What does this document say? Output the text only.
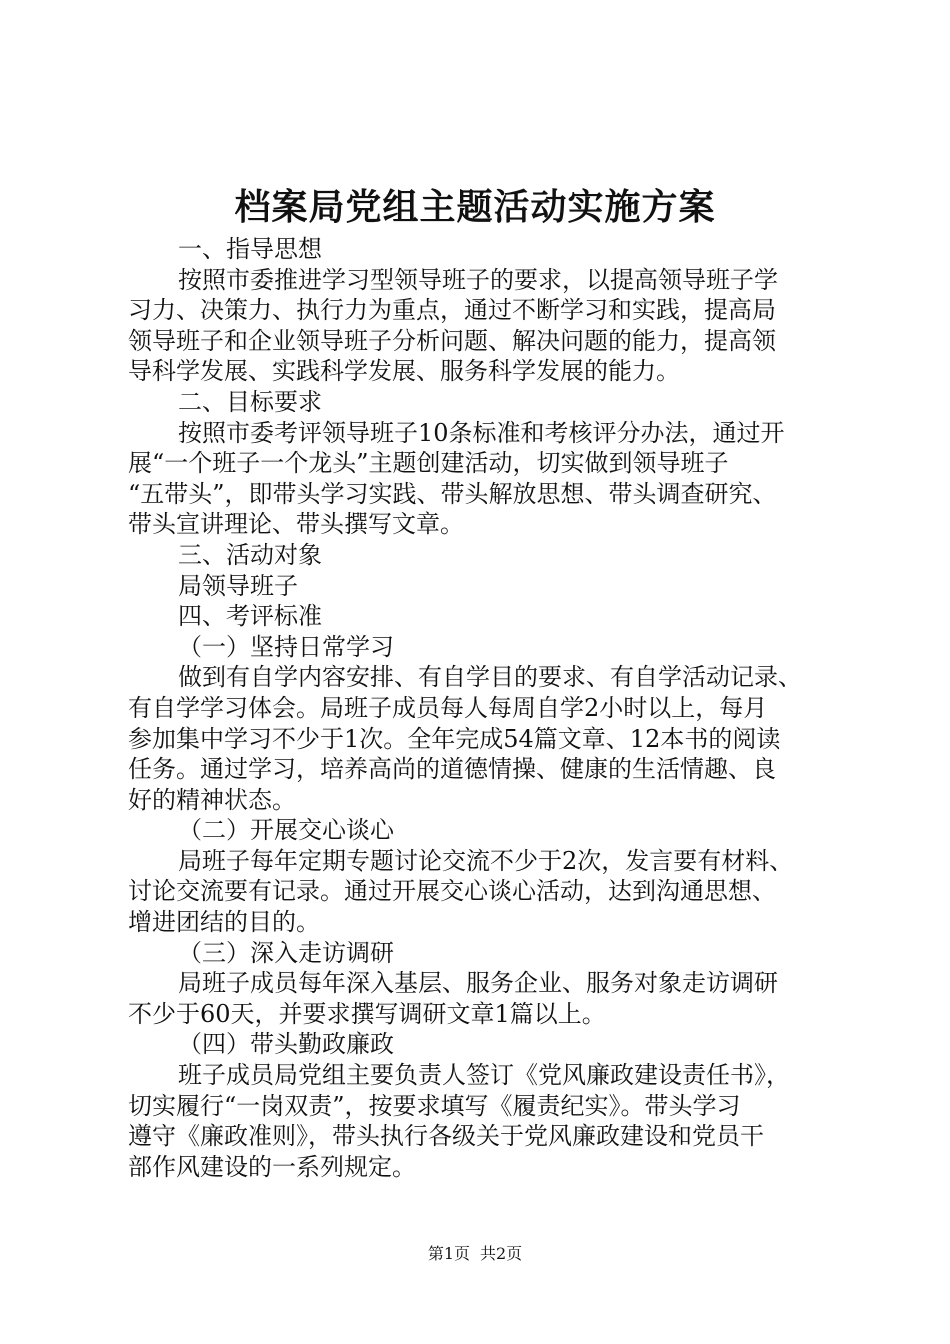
档案局党组主题活动实施方案
一、指导思想
按照市委推进学习型领导班子的要求，以提高领导班子学
习力、决策力、执行力为重点，通过不断学习和实践，提高局
领导班子和企业领导班子分析问题、解决问题的能力，提高领
导科学发展、实践科学发展、服务科学发展的能力。
二、目标要求
按照市委考评领导班子10条标准和考核评分办法，通过开
展“一个班子一个龙头”主题创建活动，切实做到领导班子
“五带头”，即带头学习实践、带头解放思想、带头调查研究、
带头宣讲理论、带头撰写文章。
三、活动对象
局领导班子
四、考评标准
（一）坚持日常学习
做到有自学内容安排、有自学目的要求、有自学活动记录、
有自学学习体会。局班子成员每人每周自学2小时以上，每月
参加集中学习不少于1次。全年完成54篇文章、12本书的阅读
任务。通过学习，培养高尚的道德情操、健康的生活情趣、良
好的精神状态。
（二）开展交心谈心
局班子每年定期专题讨论交流不少于2次，发言要有材料、
讨论交流要有记录。通过开展交心谈心活动，达到沟通思想、
增进团结的目的。
（三）深入走访调研
局班子成员每年深入基层、服务企业、服务对象走访调研
不少于60天，并要求撰写调研文章1篇以上。
（四）带头勤政廉政
班子成员局党组主要负责人签订《党风廉政建设责任书》，
切实履行“一岗双责”，按要求填写《履责纪实》。带头学习
遵守《廉政准则》，带头执行各级关于党风廉政建设和党员干
部作风建设的一系列规定。
第1页 共2页
